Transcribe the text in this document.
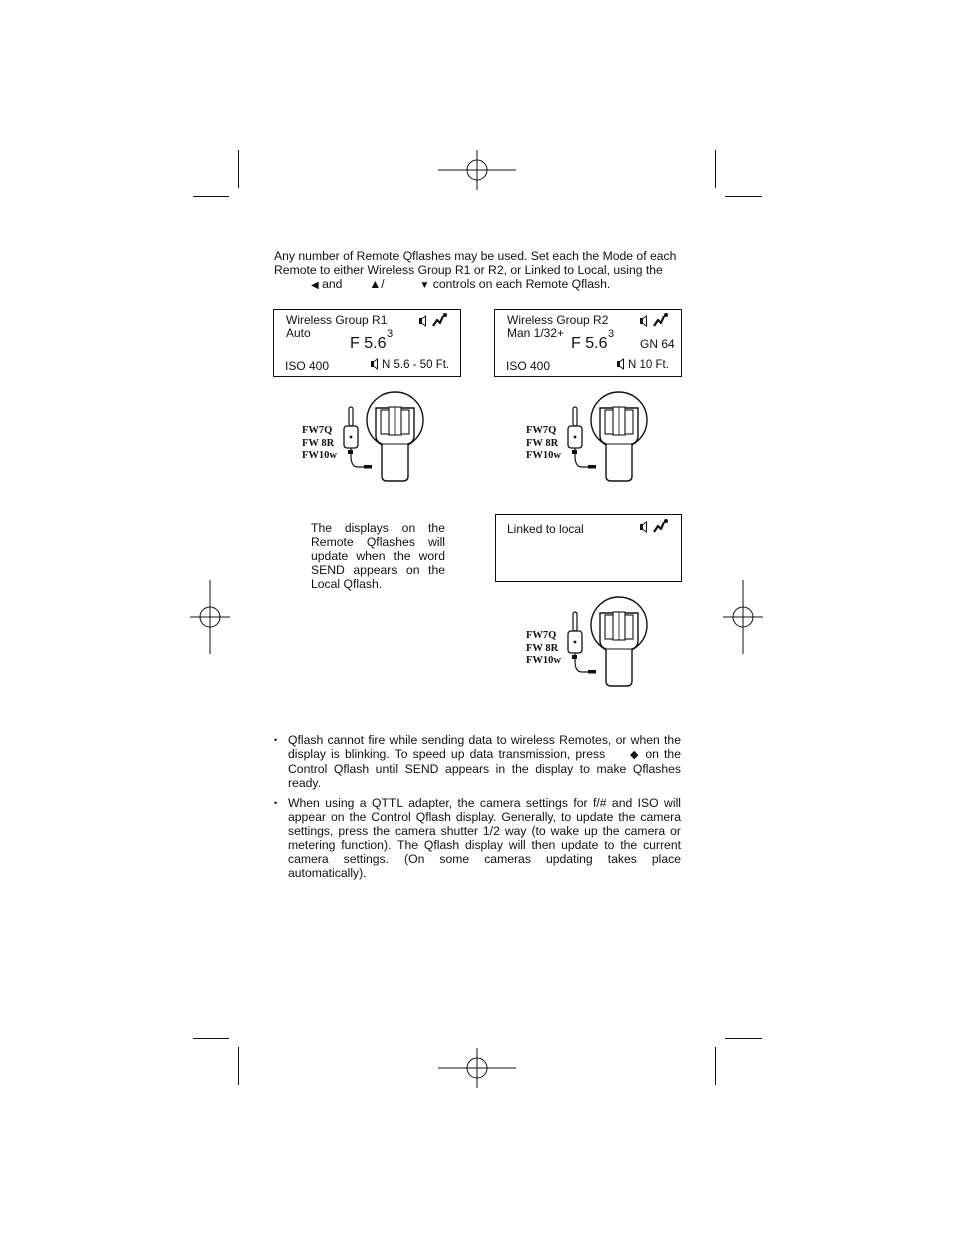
Any number of Remote Qflashes may be used. Set each the Mode of each
Remote to either Wireless Group R1 or R2, or Linked to Local, using the
◀ and ▲/	▼ controls on each Remote Qflash.
Wireless Group R1
Auto
F 5.6
3
ISO 400	N 5.6 - 50 Ft.
Wireless Group R2
Man 1/32+
F 5.6
3
GN 64
ISO 400	N 10 Ft.
FW7Q
FW 8R
FW10w
FW7Q
FW 8R
FW10w
The displays on the Remote Qflashes will update when the word SEND appears on the Local Qflash.
Linked to local
FW7Q
FW 8R
FW10w
• Qflash cannot fire while sending data to wireless Remotes, or when the display is blinking. To speed up data transmission, press ◆ on the Control Qflash until SEND appears in the display to make Qflashes ready.
• When using a QTTL adapter, the camera settings for f/# and ISO will appear on the Control Qflash display. Generally, to update the camera settings, press the camera shutter 1/2 way (to wake up the camera or metering function). The Qflash display will then update to the current camera settings. (On some cameras updating takes place automatically).
